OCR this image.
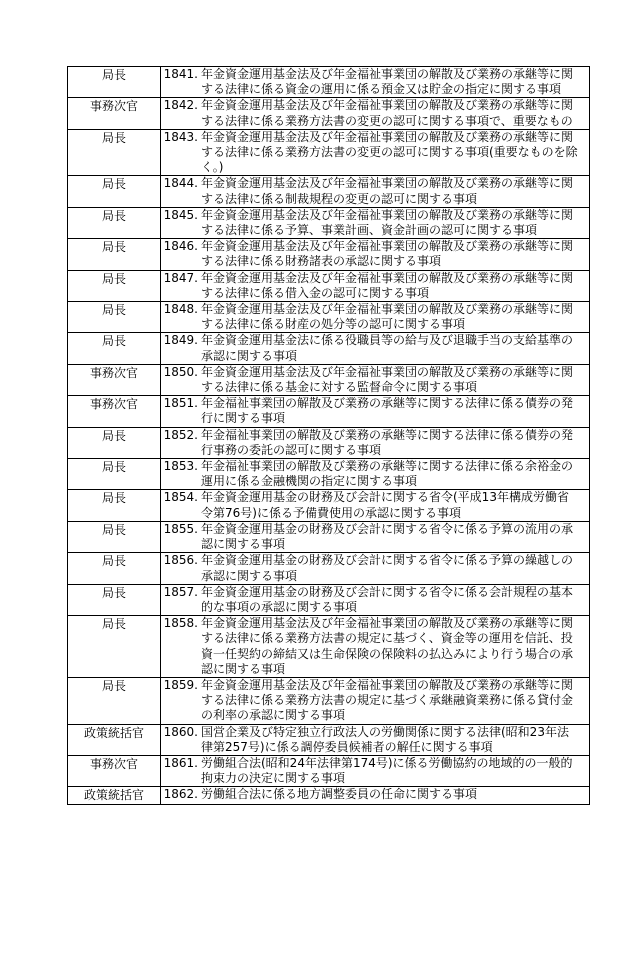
局長	1841. 年金資金運用基金法及び年金福祉事業団の解散及び業務の承継等に関する法律に係る資金の運用に係る預金又は貯金の指定に関する事項
事務次官	1842. 年金資金運用基金法及び年金福祉事業団の解散及び業務の承継等に関する法律に係る業務方法書の変更の認可に関する事項で、重要なもの
局長	1843. 年金資金運用基金法及び年金福祉事業団の解散及び業務の承継等に関する法律に係る業務方法書の変更の認可に関する事項(重要なものを除く。)
局長	1844. 年金資金運用基金法及び年金福祉事業団の解散及び業務の承継等に関する法律に係る制裁規程の変更の認可に関する事項
局長	1845. 年金資金運用基金法及び年金福祉事業団の解散及び業務の承継等に関する法律に係る予算、事業計画、資金計画の認可に関する事項
局長	1846. 年金資金運用基金法及び年金福祉事業団の解散及び業務の承継等に関する法律に係る財務諸表の承認に関する事項
局長	1847. 年金資金運用基金法及び年金福祉事業団の解散及び業務の承継等に関する法律に係る借入金の認可に関する事項
局長	1848. 年金資金運用基金法及び年金福祉事業団の解散及び業務の承継等に関する法律に係る財産の処分等の認可に関する事項
局長	1849. 年金資金運用基金法に係る役職員等の給与及び退職手当の支給基準の承認に関する事項
事務次官	1850. 年金資金運用基金法及び年金福祉事業団の解散及び業務の承継等に関する法律に係る基金に対する監督命令に関する事項
事務次官	1851. 年金福祉事業団の解散及び業務の承継等に関する法律に係る債券の発行に関する事項
局長	1852. 年金福祉事業団の解散及び業務の承継等に関する法律に係る債券の発行事務の委託の認可に関する事項
局長	1853. 年金福祉事業団の解散及び業務の承継等に関する法律に係る余裕金の運用に係る金融機関の指定に関する事項
局長	1854. 年金資金運用基金の財務及び会計に関する省令(平成13年構成労働省令第76号)に係る予備費使用の承認に関する事項
局長	1855. 年金資金運用基金の財務及び会計に関する省令に係る予算の流用の承認に関する事項
局長	1856. 年金資金運用基金の財務及び会計に関する省令に係る予算の繰越しの承認に関する事項
局長	1857. 年金資金運用基金の財務及び会計に関する省令に係る会計規程の基本的な事項の承認に関する事項
局長	1858. 年金資金運用基金法及び年金福祉事業団の解散及び業務の承継等に関する法律に係る業務方法書の規定に基づく、資金等の運用を信託、投資一任契約の締結又は生命保険の保険料の払込みにより行う場合の承認に関する事項
局長	1859. 年金資金運用基金法及び年金福祉事業団の解散及び業務の承継等に関する法律に係る業務方法書の規定に基づく承継融資業務に係る貸付金の利率の承認に関する事項
政策統括官	1860. 国営企業及び特定独立行政法人の労働関係に関する法律(昭和23年法律第257号)に係る調停委員候補者の解任に関する事項
事務次官	1861. 労働組合法(昭和24年法律第174号)に係る労働協約の地域的の一般的拘束力の決定に関する事項
政策統括官	1862. 労働組合法に係る地方調整委員の任命に関する事項
